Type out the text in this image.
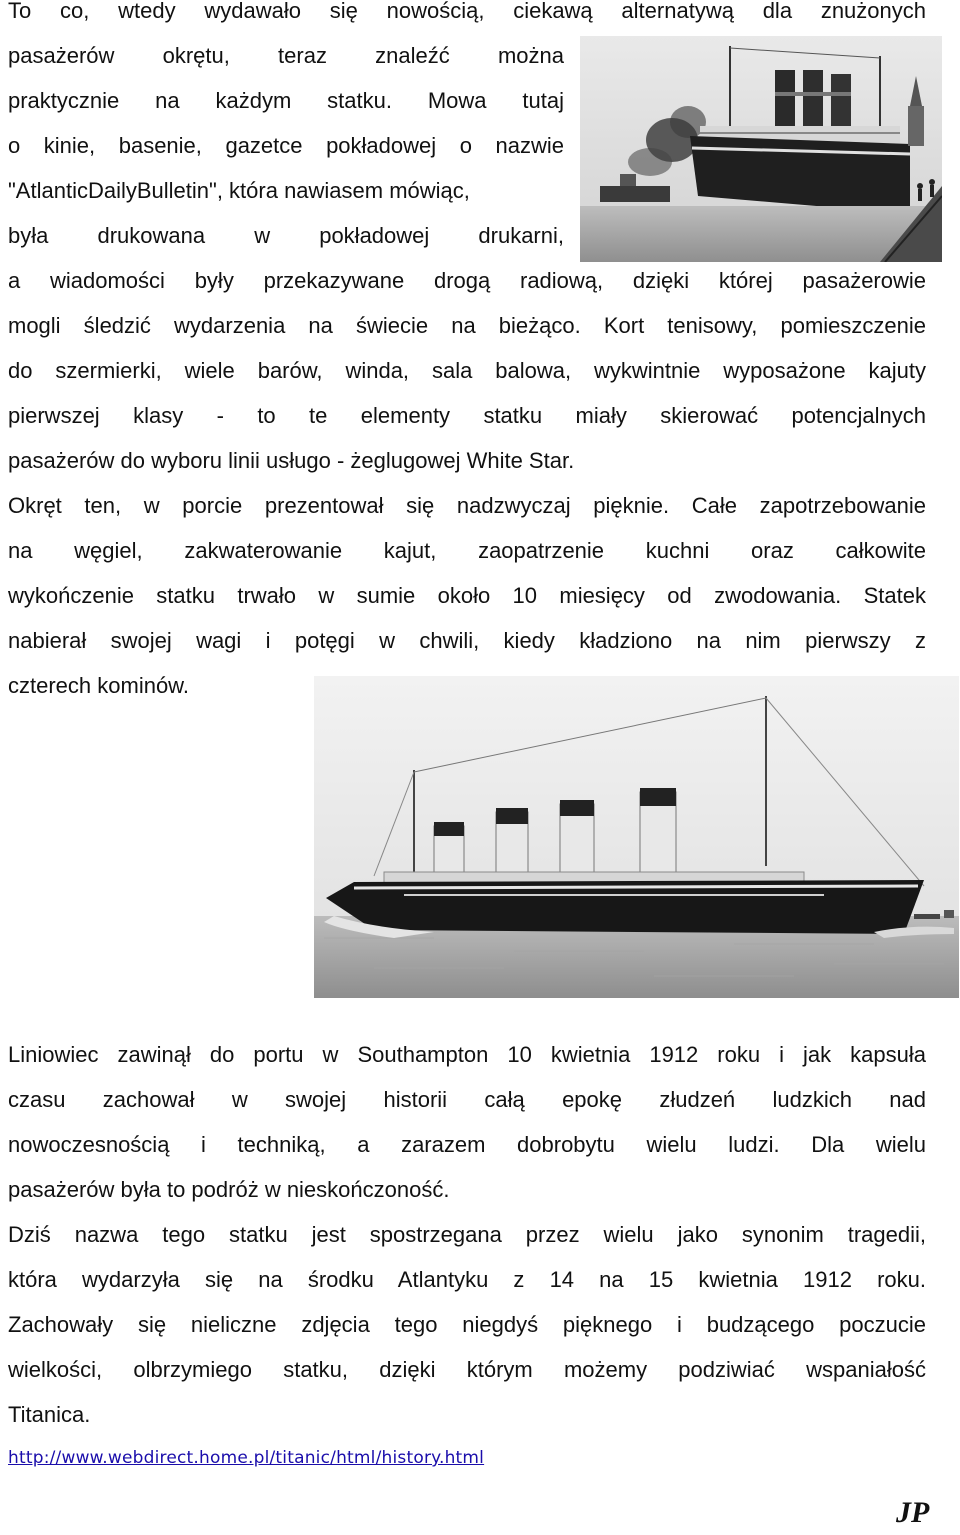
To co, wtedy wydawało się nowością, ciekawą alternatywą dla znużonych

pasażerów okrętu, teraz znaleźć można

praktycznie na każdym statku. Mowa tutaj

o kinie, basenie, gazetce pokładowej o nazwie

"AtlanticDailyBulletin", która nawiasem mówiąc,

była drukowana w pokładowej drukarni,

a wiadomości były przekazywane drogą radiową, dzięki której pasażerowie

mogli śledzić wydarzenia na świecie na bieżąco. Kort tenisowy, pomieszczenie

do szermierki, wiele barów, winda, sala balowa, wykwintnie wyposażone kajuty

pierwszej klasy - to te elementy statku miały skierować potencjalnych

pasażerów do wyboru linii usługo - żeglugowej White Star.

Okręt ten, w porcie prezentował się nadzwyczaj pięknie. Całe zapotrzebowanie

na węgiel, zakwaterowanie kajut, zaopatrzenie kuchni oraz całkowite

wykończenie statku trwało w sumie około 10 miesięcy od zwodowania. Statek

nabierał swojej wagi i potęgi w chwili, kiedy kładziono na nim pierwszy z

czterech kominów.

Liniowiec zawinął do portu w Southampton 10 kwietnia 1912 roku i jak kapsuła

czasu zachował w swojej historii całą epokę złudzeń ludzkich nad

nowoczesnością i techniką, a zarazem dobrobytu wielu ludzi. Dla wielu

pasażerów była to podróż w nieskończoność.

Dziś nazwa tego statku jest spostrzegana przez wielu jako synonim tragedii,

która wydarzyła się na środku Atlantyku z 14 na 15 kwietnia 1912 roku.

Zachowały się nieliczne zdjęcia tego niegdyś pięknego i budzącego poczucie

wielkości, olbrzymiego statku, dzięki którym możemy podziwiać wspaniałość

Titanica.

http://www.webdirect.home.pl/titanic/html/history.html
JP
